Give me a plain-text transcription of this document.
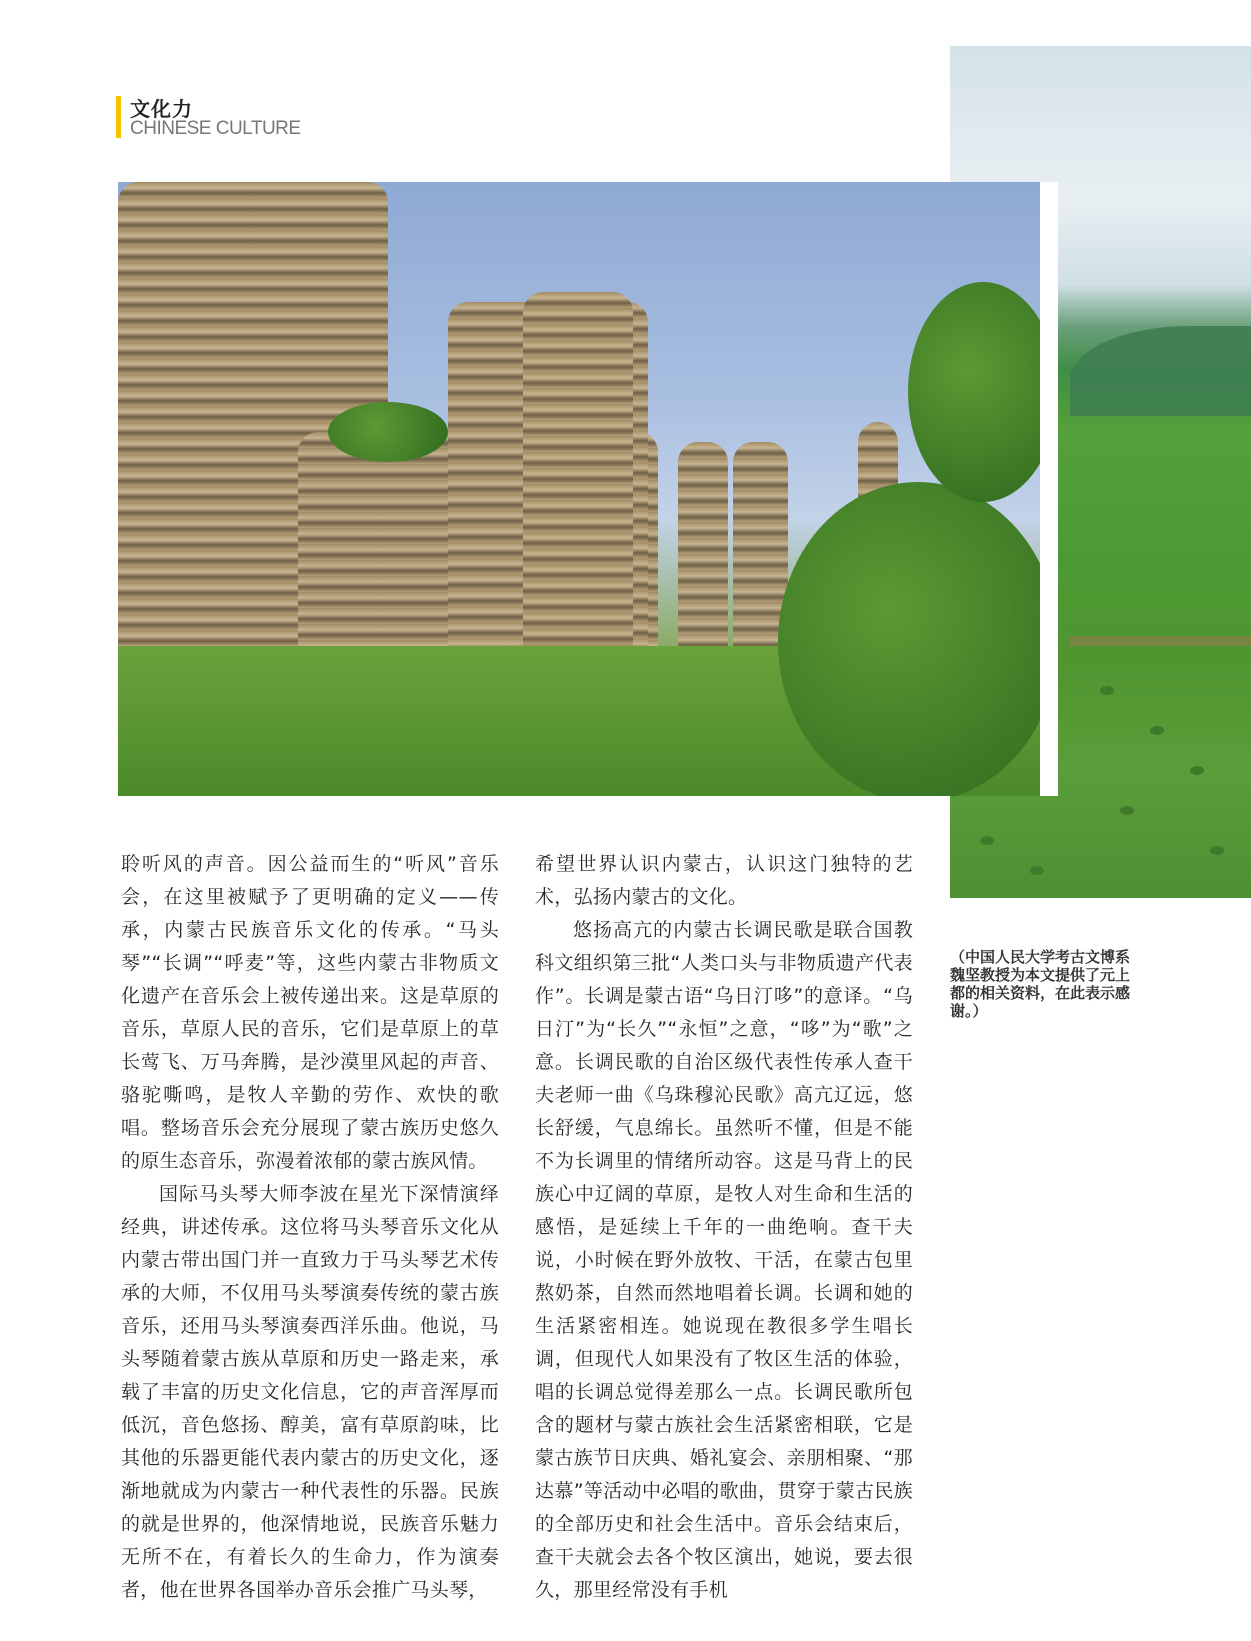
文化力
CHINESE CULTURE

聆听风的声音。因公益而生的“听风”音乐会，在这里被赋予了更明确的定义——传承，内蒙古民族音乐文化的传承。“马头琴”“长调”“呼麦”等，这些内蒙古非物质文化遗产在音乐会上被传递出来。这是草原的音乐，草原人民的音乐，它们是草原上的草长莺飞、万马奔腾，是沙漠里风起的声音、骆驼嘶鸣，是牧人辛勤的劳作、欢快的歌唱。整场音乐会充分展现了蒙古族历史悠久的原生态音乐，弥漫着浓郁的蒙古族风情。

国际马头琴大师李波在星光下深情演绎经典，讲述传承。这位将马头琴音乐文化从内蒙古带出国门并一直致力于马头琴艺术传承的大师，不仅用马头琴演奏传统的蒙古族音乐，还用马头琴演奏西洋乐曲。他说，马头琴随着蒙古族从草原和历史一路走来，承载了丰富的历史文化信息，它的声音浑厚而低沉，音色悠扬、醇美，富有草原韵味，比其他的乐器更能代表内蒙古的历史文化，逐渐地就成为内蒙古一种代表性的乐器。民族的就是世界的，他深情地说，民族音乐魅力无所不在，有着长久的生命力，作为演奏者，他在世界各国举办音乐会推广马头琴，

希望世界认识内蒙古，认识这门独特的艺术，弘扬内蒙古的文化。

悠扬高亢的内蒙古长调民歌是联合国教科文组织第三批“人类口头与非物质遗产代表作”。长调是蒙古语“乌日汀哆”的意译。“乌日汀”为“长久”“永恒”之意，“哆”为“歌”之意。长调民歌的自治区级代表性传承人查干夫老师一曲《乌珠穆沁民歌》高亢辽远，悠长舒缓，气息绵长。虽然听不懂，但是不能不为长调里的情绪所动容。这是马背上的民族心中辽阔的草原，是牧人对生命和生活的感悟，是延续上千年的一曲绝响。查干夫说，小时候在野外放牧、干活，在蒙古包里熬奶茶，自然而然地唱着长调。长调和她的生活紧密相连。她说现在教很多学生唱长调，但现代人如果没有了牧区生活的体验，唱的长调总觉得差那么一点。长调民歌所包含的题材与蒙古族社会生活紧密相联，它是蒙古族节日庆典、婚礼宴会、亲朋相聚、“那达慕”等活动中必唱的歌曲，贯穿于蒙古民族的全部历史和社会生活中。音乐会结束后，查干夫就会去各个牧区演出，她说，要去很久，那里经常没有手机

（中国人民大学考古文博系魏坚教授为本文提供了元上都的相关资料，在此表示感谢。）
